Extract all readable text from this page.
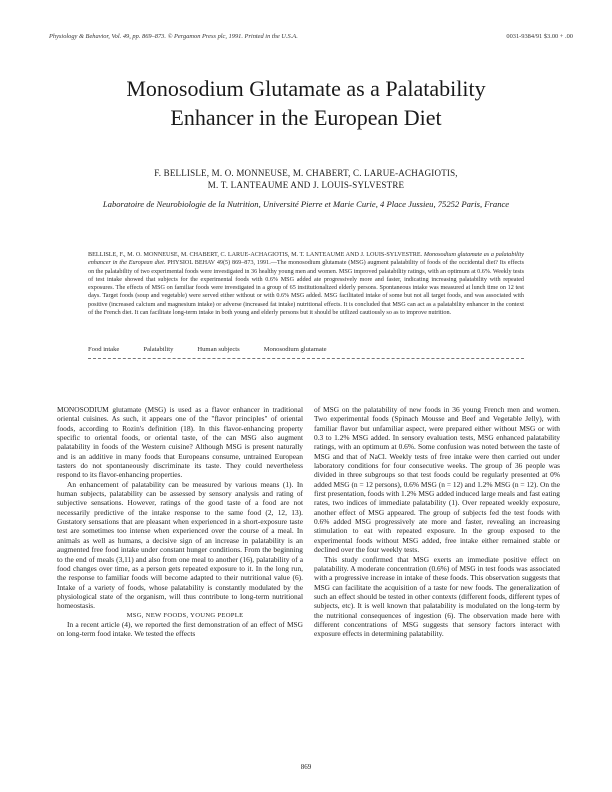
Physiology & Behavior, Vol. 49, pp. 869–873. © Pergamon Press plc, 1991. Printed in the U.S.A.	0031-9384/91 $3.00 + .00
Monosodium Glutamate as a Palatability
Enhancer in the European Diet
F. BELLISLE, M. O. MONNEUSE, M. CHABERT, C. LARUE-ACHAGIOTIS,
M. T. LANTEAUME AND J. LOUIS-SYLVESTRE
Laboratoire de Neurobiologie de la Nutrition, Université Pierre et Marie Curie, 4 Place Jussieu, 75252 Paris, France
BELLISLE, F., M. O. MONNEUSE, M. CHABERT, C. LARUE-ACHAGIOTIS, M. T. LANTEAUME AND J. LOUIS-SYLVESTRE. Monosodium glutamate as a palatability enhancer in the European diet. PHYSIOL BEHAV 49(5) 869–873, 1991.—The monosodium glutamate (MSG) augment palatability of foods of the occidental diet? Its effects on the palatability of two experimental foods were investigated in 36 healthy young men and women. MSG improved palatability ratings, with an optimum at 0.6%. Weekly tests of test intake showed that subjects for the experimental foods with 0.6% MSG added ate progressively more and faster, indicating increasing palatability with repeated exposures. The effects of MSG on familiar foods were investigated in a group of 65 institutionalized elderly persons. Spontaneous intake was measured at lunch time on 12 test days. Target foods (soup and vegetable) were served either without or with 0.6% MSG added. MSG facilitated intake of some but not all target foods, and was associated with positive (increased calcium and magnesium intake) or adverse (increased fat intake) nutritional effects. It is concluded that MSG can act as a palatability enhancer in the context of the French diet. It can facilitate long-term intake in both young and elderly persons but it should be utilized cautiously so as to improve nutrition.
Food intake	Palatability	Human subjects	Monosodium glutamate

MONOSODIUM glutamate (MSG) is used as a flavor enhancer in traditional oriental cuisines. As such, it appears one of the "flavor principles" of oriental foods, according to Rozin's definition (18). In this flavor-enhancing property specific to oriental foods, or oriental taste, of the can MSG also augment palatability in foods of the Western cuisine? Although MSG is present naturally and is an additive in many foods that Europeans consume, untrained European tasters do not spontaneously discriminate its taste. They could nevertheless respond to its flavor-enhancing properties.

An enhancement of palatability can be measured by various means (1). In human subjects, palatability can be assessed by sensory analysis and rating of subjective sensations. However, ratings of the good taste of a food are not necessarily predictive of the intake response to the same food (2, 12, 13). Gustatory sensations that are pleasant when experienced in a short-exposure taste test are sometimes too intense when experienced over the course of a meal. In animals as well as humans, a decisive sign of an increase in palatability is an augmented free food intake under constant hunger conditions. From the beginning to the end of meals (3,11) and also from one meal to another (16), palatability of a food changes over time, as a person gets repeated exposure to it. In the long run, the response to familiar foods will become adapted to their nutritional value (6). Intake of a variety of foods, whose palatability is constantly modulated by the physiological state of the organism, will thus contribute to long-term nutritional homeostasis.

MSG, NEW FOODS, YOUNG PEOPLE

In a recent article (4), we reported the first demonstration of an effect of MSG on long-term food intake. We tested the effects

of MSG on the palatability of new foods in 36 young French men and women. Two experimental foods (Spinach Mousse and Beef and Vegetable Jelly), with familiar flavor but unfamiliar aspect, were prepared either without MSG or with 0.3 to 1.2% MSG added. In sensory evaluation tests, MSG enhanced palatability ratings, with an optimum at 0.6%. Some confusion was noted between the taste of MSG and that of NaCl. Weekly tests of free intake were then carried out under laboratory conditions for four consecutive weeks. The group of 36 people was divided in three subgroups so that test foods could be regularly presented at 0% added MSG (n = 12 persons), 0.6% MSG (n = 12) and 1.2% MSG (n = 12). On the first presentation, foods with 1.2% MSG added induced large meals and fast eating rates, two indices of immediate palatability (1). Over repeated weekly exposure, another effect of MSG appeared. The group of subjects fed the test foods with 0.6% added MSG progressively ate more and faster, revealing an increasing stimulation to eat with repeated exposure. In the group exposed to the experimental foods without MSG added, free intake either remained stable or declined over the four weekly tests.

This study confirmed that MSG exerts an immediate positive effect on palatability. A moderate concentration (0.6%) of MSG in test foods was associated with a progressive increase in intake of these foods. This observation suggests that MSG can facilitate the acquisition of a taste for new foods. The generalization of such an effect should be tested in other contexts (different foods, different types of subjects, etc). It is well known that palatability is modulated on the long-term by the nutritional consequences of ingestion (6). The observation made here with different concentrations of MSG suggests that sensory factors interact with exposure effects in determining palatability.

869
